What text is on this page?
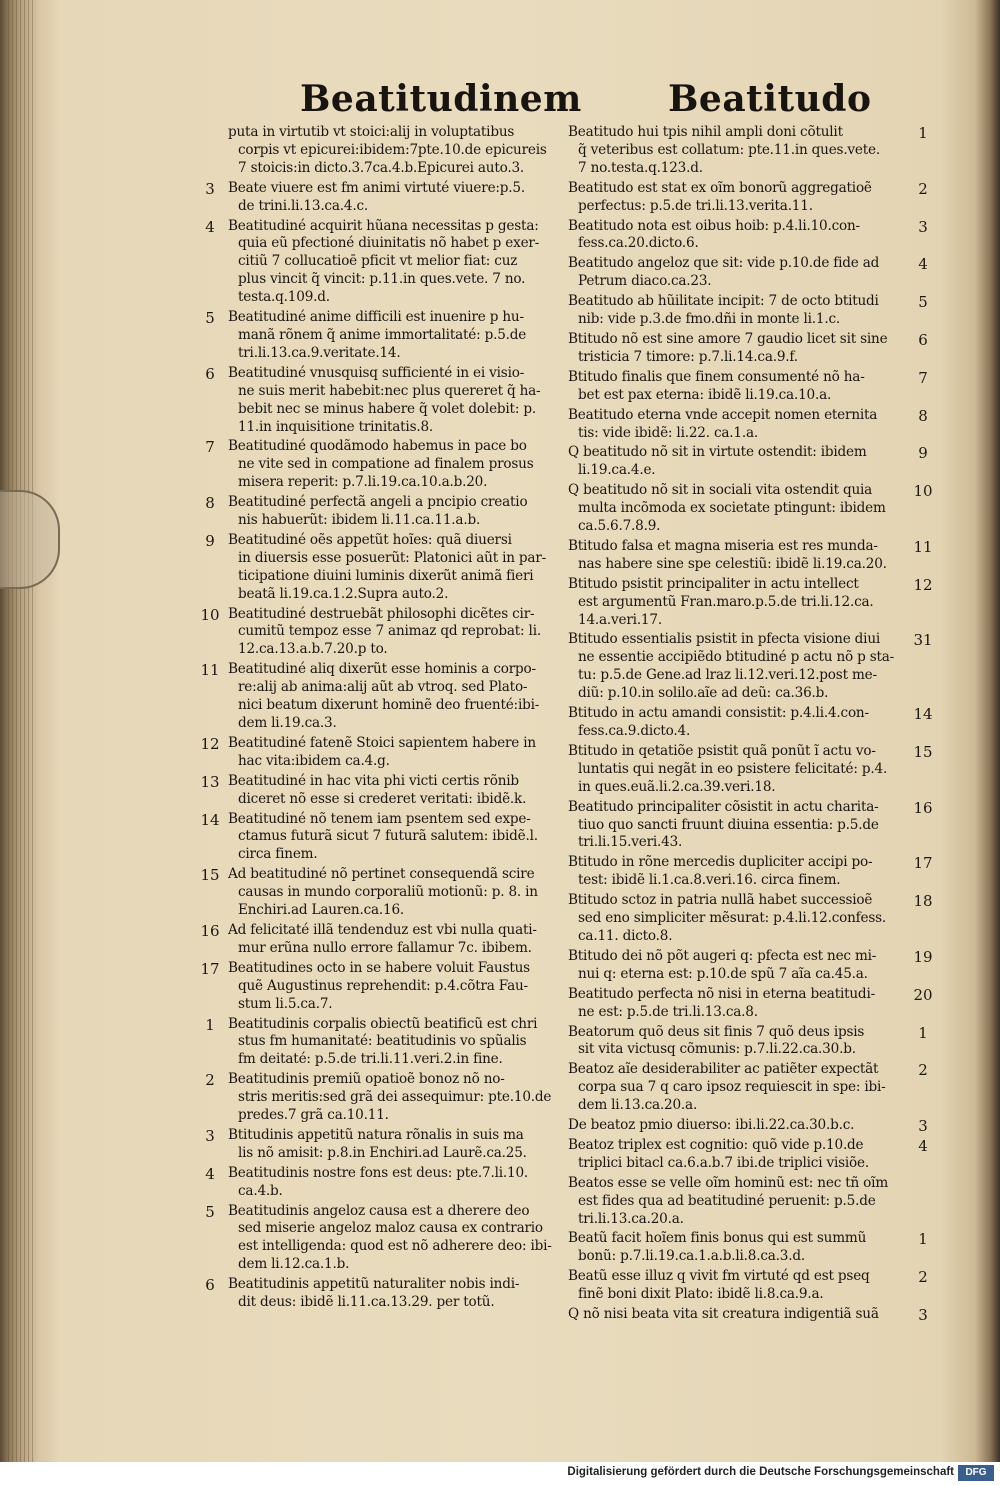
Beatitudinem Beatitudo
puta in virtutib vt stoici:alij in voluptatibus
corpis vt epicurei:ibidem:7pte.10.de epicureis
7 stoicis:in dicto.3.7ca.4.b.Epicurei auto.3.
3 Beate viuere est fm animi virtuté viuere:p.5.
de trini.li.13.ca.4.c.
4 Beatitudiné acquirit hũana necessitas p gesta:
quia eũ pfectioné diuinitatis nõ habet p exer-
citiũ 7 collucatioē pficit vt melior fiat: cuz
plus vincit q̃ vincit: p.11.in ques.vete. 7 no.
testa.q.109.d.
5 Beatitudiné anime difficili est inuenire p hu-
manã rõnem q̃ anime immortalitaté: p.5.de
tri.li.13.ca.9.veritate.14.
6 Beatitudiné vnusquisq sufficienté in ei visio-
ne suis merit habebit:nec plus quereret q̃ ha-
bebit nec se minus habere q̃ volet dolebit: p.
11.in inquisitione trinitatis.8.
7 Beatitudiné quodãmodo habemus in pace bo
ne vite sed in compatione ad finalem prosus
misera reperit: p.7.li.19.ca.10.a.b.20.
8 Beatitudiné perfectã angeli a pncipio creatio
nis habuerũt: ibidem li.11.ca.11.a.b.
9 Beatitudiné oẽs appetũt hoĩes: quã diuersi
in diuersis esse posuerũt: Platonici aũt in par-
ticipatione diuini luminis dixerũt animã fieri
beatã li.19.ca.1.2.Supra auto.2.
10 Beatitudiné destruebãt philosophi dicẽtes cir-
cumitũ tempoz esse 7 animaz qd reprobat: li.
12.ca.13.a.b.7.20.p to.
11 Beatitudiné aliq dixerũt esse hominis a corpo-
re:alij ab anima:alij aũt ab vtroq. sed Plato-
nici beatum dixerunt hominẽ deo fruenté:ibi-
dem li.19.ca.3.
12 Beatitudiné fatenẽ Stoici sapientem habere in
hac vita:ibidem ca.4.g.
13 Beatitudiné in hac vita phi victi certis rõnib
diceret nõ esse si crederet veritati: ibidẽ.k.
14 Beatitudiné nõ tenem iam psentem sed expe-
ctamus futurã sicut 7 futurã salutem: ibidẽ.l.
circa finem.
15 Ad beatitudiné nõ pertinet consequendã scire
causas in mundo corporaliũ motionũ: p. 8. in
Enchiri.ad Lauren.ca.16.
16 Ad felicitaté illã tendenduz est vbi nulla quati-
mur erũna nullo errore fallamur 7c. ibibem.
17 Beatitudines octo in se habere voluit Faustus
quẽ Augustinus reprehendit: p.4.cõtra Fau-
stum li.5.ca.7.
1 Beatitudinis corpalis obiectũ beatificũ est chri
stus fm humanitaté: beatitudinis vo spũalis
fm deitaté: p.5.de tri.li.11.veri.2.in fine.
2 Beatitudinis premiũ opatioẽ bonoz nõ no-
stris meritis:sed grã dei assequimur: pte.10.de
predes.7 grã ca.10.11.
3 Btitudinis appetitũ natura rõnalis in suis ma
lis nõ amisit: p.8.in Enchiri.ad Laurẽ.ca.25.
4 Beatitudinis nostre fons est deus: pte.7.li.10.
ca.4.b.
5 Beatitudinis angeloz causa est a dherere deo
sed miserie angeloz maloz causa ex contrario
est intelligenda: quod est nõ adherere deo: ibi-
dem li.12.ca.1.b.
6 Beatitudinis appetitũ naturaliter nobis indi-
dit deus: ibidẽ li.11.ca.13.29. per totũ.
1
Beatitudo hui tpis nihil ampli doni cõtulit
q̃ veteribus est collatum: pte.11.in ques.vete.
7 no.testa.q.123.d.
2
Beatitudo est stat ex oĩm bonorũ aggregatioẽ
perfectus: p.5.de tri.li.13.verita.11.
3
Beatitudo nota est oibus hoib: p.4.li.10.con-
fess.ca.20.dicto.6.
4
Beatitudo angeloz que sit: vide p.10.de fide ad
Petrum diaco.ca.23.
5
Beatitudo ab hũilitate incipit: 7 de octo btitudi
nib: vide p.3.de fmo.dñi in monte li.1.c.
6
Btitudo nõ est sine amore 7 gaudio licet sit sine
tristicia 7 timore: p.7.li.14.ca.9.f.
7
Btitudo finalis que finem consumenté nõ ha-
bet est pax eterna: ibidẽ li.19.ca.10.a.
8
Beatitudo eterna vnde accepit nomen eternita
tis: vide ibidẽ: li.22. ca.1.a.
9
Q beatitudo nõ sit in virtute ostendit: ibidem
li.19.ca.4.e.
10
Q beatitudo nõ sit in sociali vita ostendit quia
multa incõmoda ex societate ptingunt: ibidem
ca.5.6.7.8.9.
11
Btitudo falsa et magna miseria est res munda-
nas habere sine spe celestiũ: ibidẽ li.19.ca.20.
12
Btitudo psistit principaliter in actu intellect
est argumentũ Fran.maro.p.5.de tri.li.12.ca.
14.a.veri.17.
31
Btitudo essentialis psistit in pfecta visione diui
ne essentie accipiẽdo btitudiné p actu nõ p sta-
tu: p.5.de Gene.ad lraz li.12.veri.12.post me-
diũ: p.10.in solilo.aĩe ad deũ: ca.36.b.
14
Btitudo in actu amandi consistit: p.4.li.4.con-
fess.ca.9.dicto.4.
15
Btitudo in qetatiõe psistit quã ponũt ĩ actu vo-
luntatis qui negãt in eo psistere felicitaté: p.4.
in ques.euã.li.2.ca.39.veri.18.
16
Beatitudo principaliter cõsistit in actu charita-
tiuo quo sancti fruunt diuina essentia: p.5.de
tri.li.15.veri.43.
17
Btitudo in rõne mercedis dupliciter accipi po-
test: ibidẽ li.1.ca.8.veri.16. circa finem.
18
Btitudo sctoz in patria nullã habet successioẽ
sed eno simpliciter mẽsurat: p.4.li.12.confess.
ca.11. dicto.8.
19
Btitudo dei nõ põt augeri q: pfecta est nec mi-
nui q: eterna est: p.10.de spũ 7 aĩa ca.45.a.
20
Beatitudo perfecta nõ nisi in eterna beatitudi-
ne est: p.5.de tri.li.13.ca.8.
1
Beatorum quõ deus sit finis 7 quõ deus ipsis
sit vita victusq cõmunis: p.7.li.22.ca.30.b.
2
Beatoz aĩe desiderabiliter ac patiẽter expectãt
corpa sua 7 q caro ipsoz requiescit in spe: ibi-
dem li.13.ca.20.a.
3
De beatoz pmio diuerso: ibi.li.22.ca.30.b.c.
4
Beatoz triplex est cognitio: quõ vide p.10.de
triplici bitacl ca.6.a.b.7 ibi.de triplici visiõe.
Beatos esse se velle oĩm hominũ est: nec tñ oĩm
est fides qua ad beatitudiné peruenit: p.5.de
tri.li.13.ca.20.a.
1
Beatũ facit hoĩem finis bonus qui est summũ
bonũ: p.7.li.19.ca.1.a.b.li.8.ca.3.d.
2
Beatũ esse illuz q vivit fm virtuté qd est pseq
finẽ boni dixit Plato: ibidẽ li.8.ca.9.a.
3
Q nõ nisi beata vita sit creatura indigentiã suã
Digitalisierung gefördert durch die Deutsche Forschungsgemeinschaft	DFG
